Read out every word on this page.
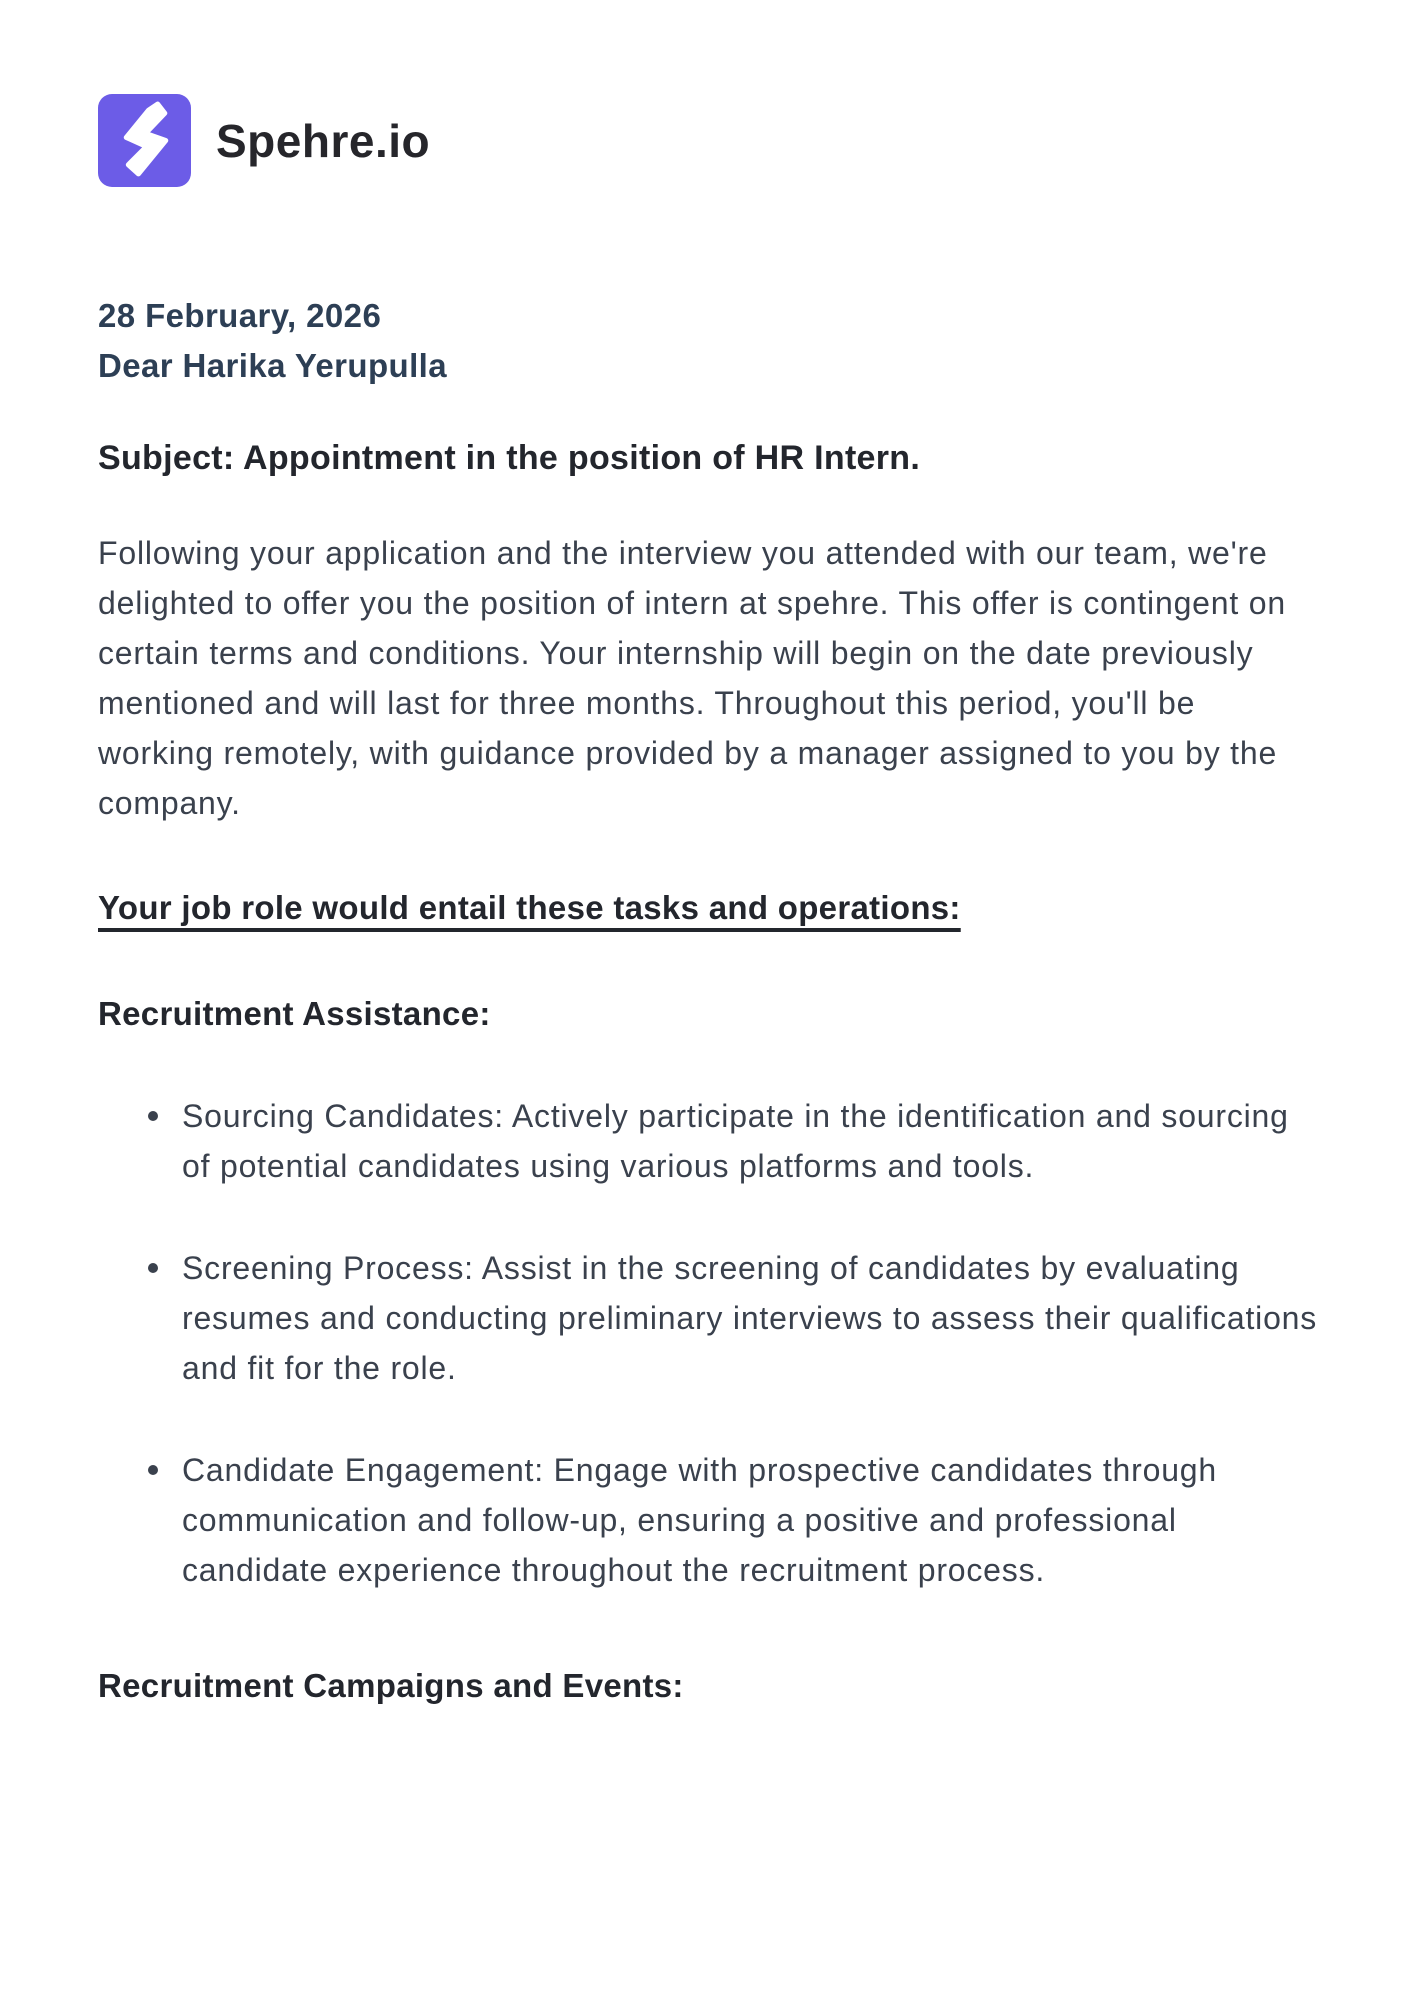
Spehre.io
28 February, 2026
Dear Harika Yerupulla
Subject: Appointment in the position of HR Intern.

Following your application and the interview you attended with our team, we're delighted to offer you the position of intern at spehre. This offer is contingent on certain terms and conditions. Your internship will begin on the date previously mentioned and will last for three months. Throughout this period, you'll be working remotely, with guidance provided by a manager assigned to you by the company.

Your job role would entail these tasks and operations:
Recruitment Assistance:
Sourcing Candidates: Actively participate in the identification and sourcing of potential candidates using various platforms and tools.
Screening Process: Assist in the screening of candidates by evaluating resumes and conducting preliminary interviews to assess their qualifications and fit for the role.
Candidate Engagement: Engage with prospective candidates through communication and follow-up, ensuring a positive and professional candidate experience throughout the recruitment process.
Recruitment Campaigns and Events:
